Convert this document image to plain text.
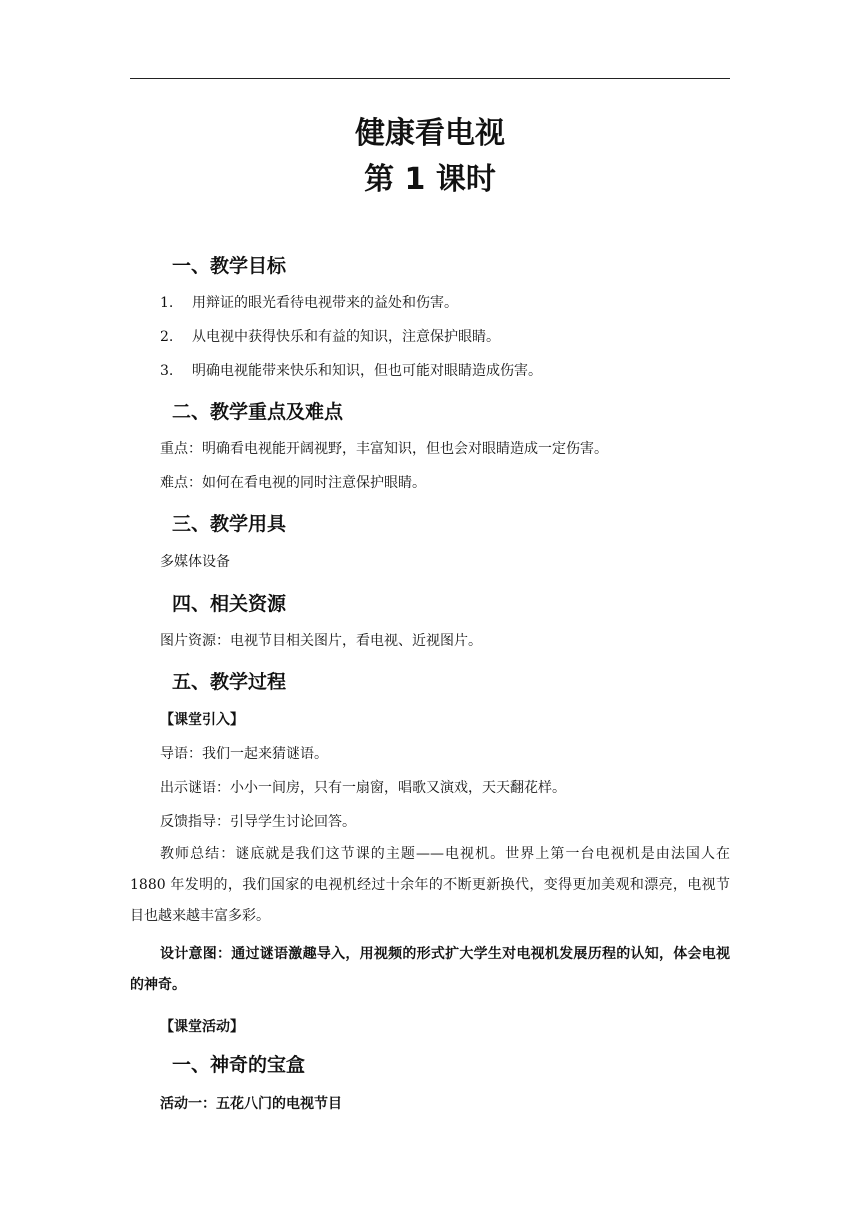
健康看电视
第 1 课时
一、教学目标
1. 用辩证的眼光看待电视带来的益处和伤害。
2. 从电视中获得快乐和有益的知识，注意保护眼睛。
3. 明确电视能带来快乐和知识，但也可能对眼睛造成伤害。
二、教学重点及难点
重点：明确看电视能开阔视野，丰富知识，但也会对眼睛造成一定伤害。
难点：如何在看电视的同时注意保护眼睛。
三、教学用具
多媒体设备
四、相关资源
图片资源：电视节目相关图片，看电视、近视图片。
五、教学过程
【课堂引入】
导语：我们一起来猜谜语。
出示谜语：小小一间房，只有一扇窗，唱歌又演戏，天天翻花样。
反馈指导：引导学生讨论回答。
教师总结：谜底就是我们这节课的主题——电视机。世界上第一台电视机是由法国人在 1880 年发明的，我们国家的电视机经过十余年的不断更新换代，变得更加美观和漂亮，电视节目也越来越丰富多彩。
设计意图：通过谜语激趣导入，用视频的形式扩大学生对电视机发展历程的认知，体会电视的神奇。
【课堂活动】
一、神奇的宝盒
活动一：五花八门的电视节目
